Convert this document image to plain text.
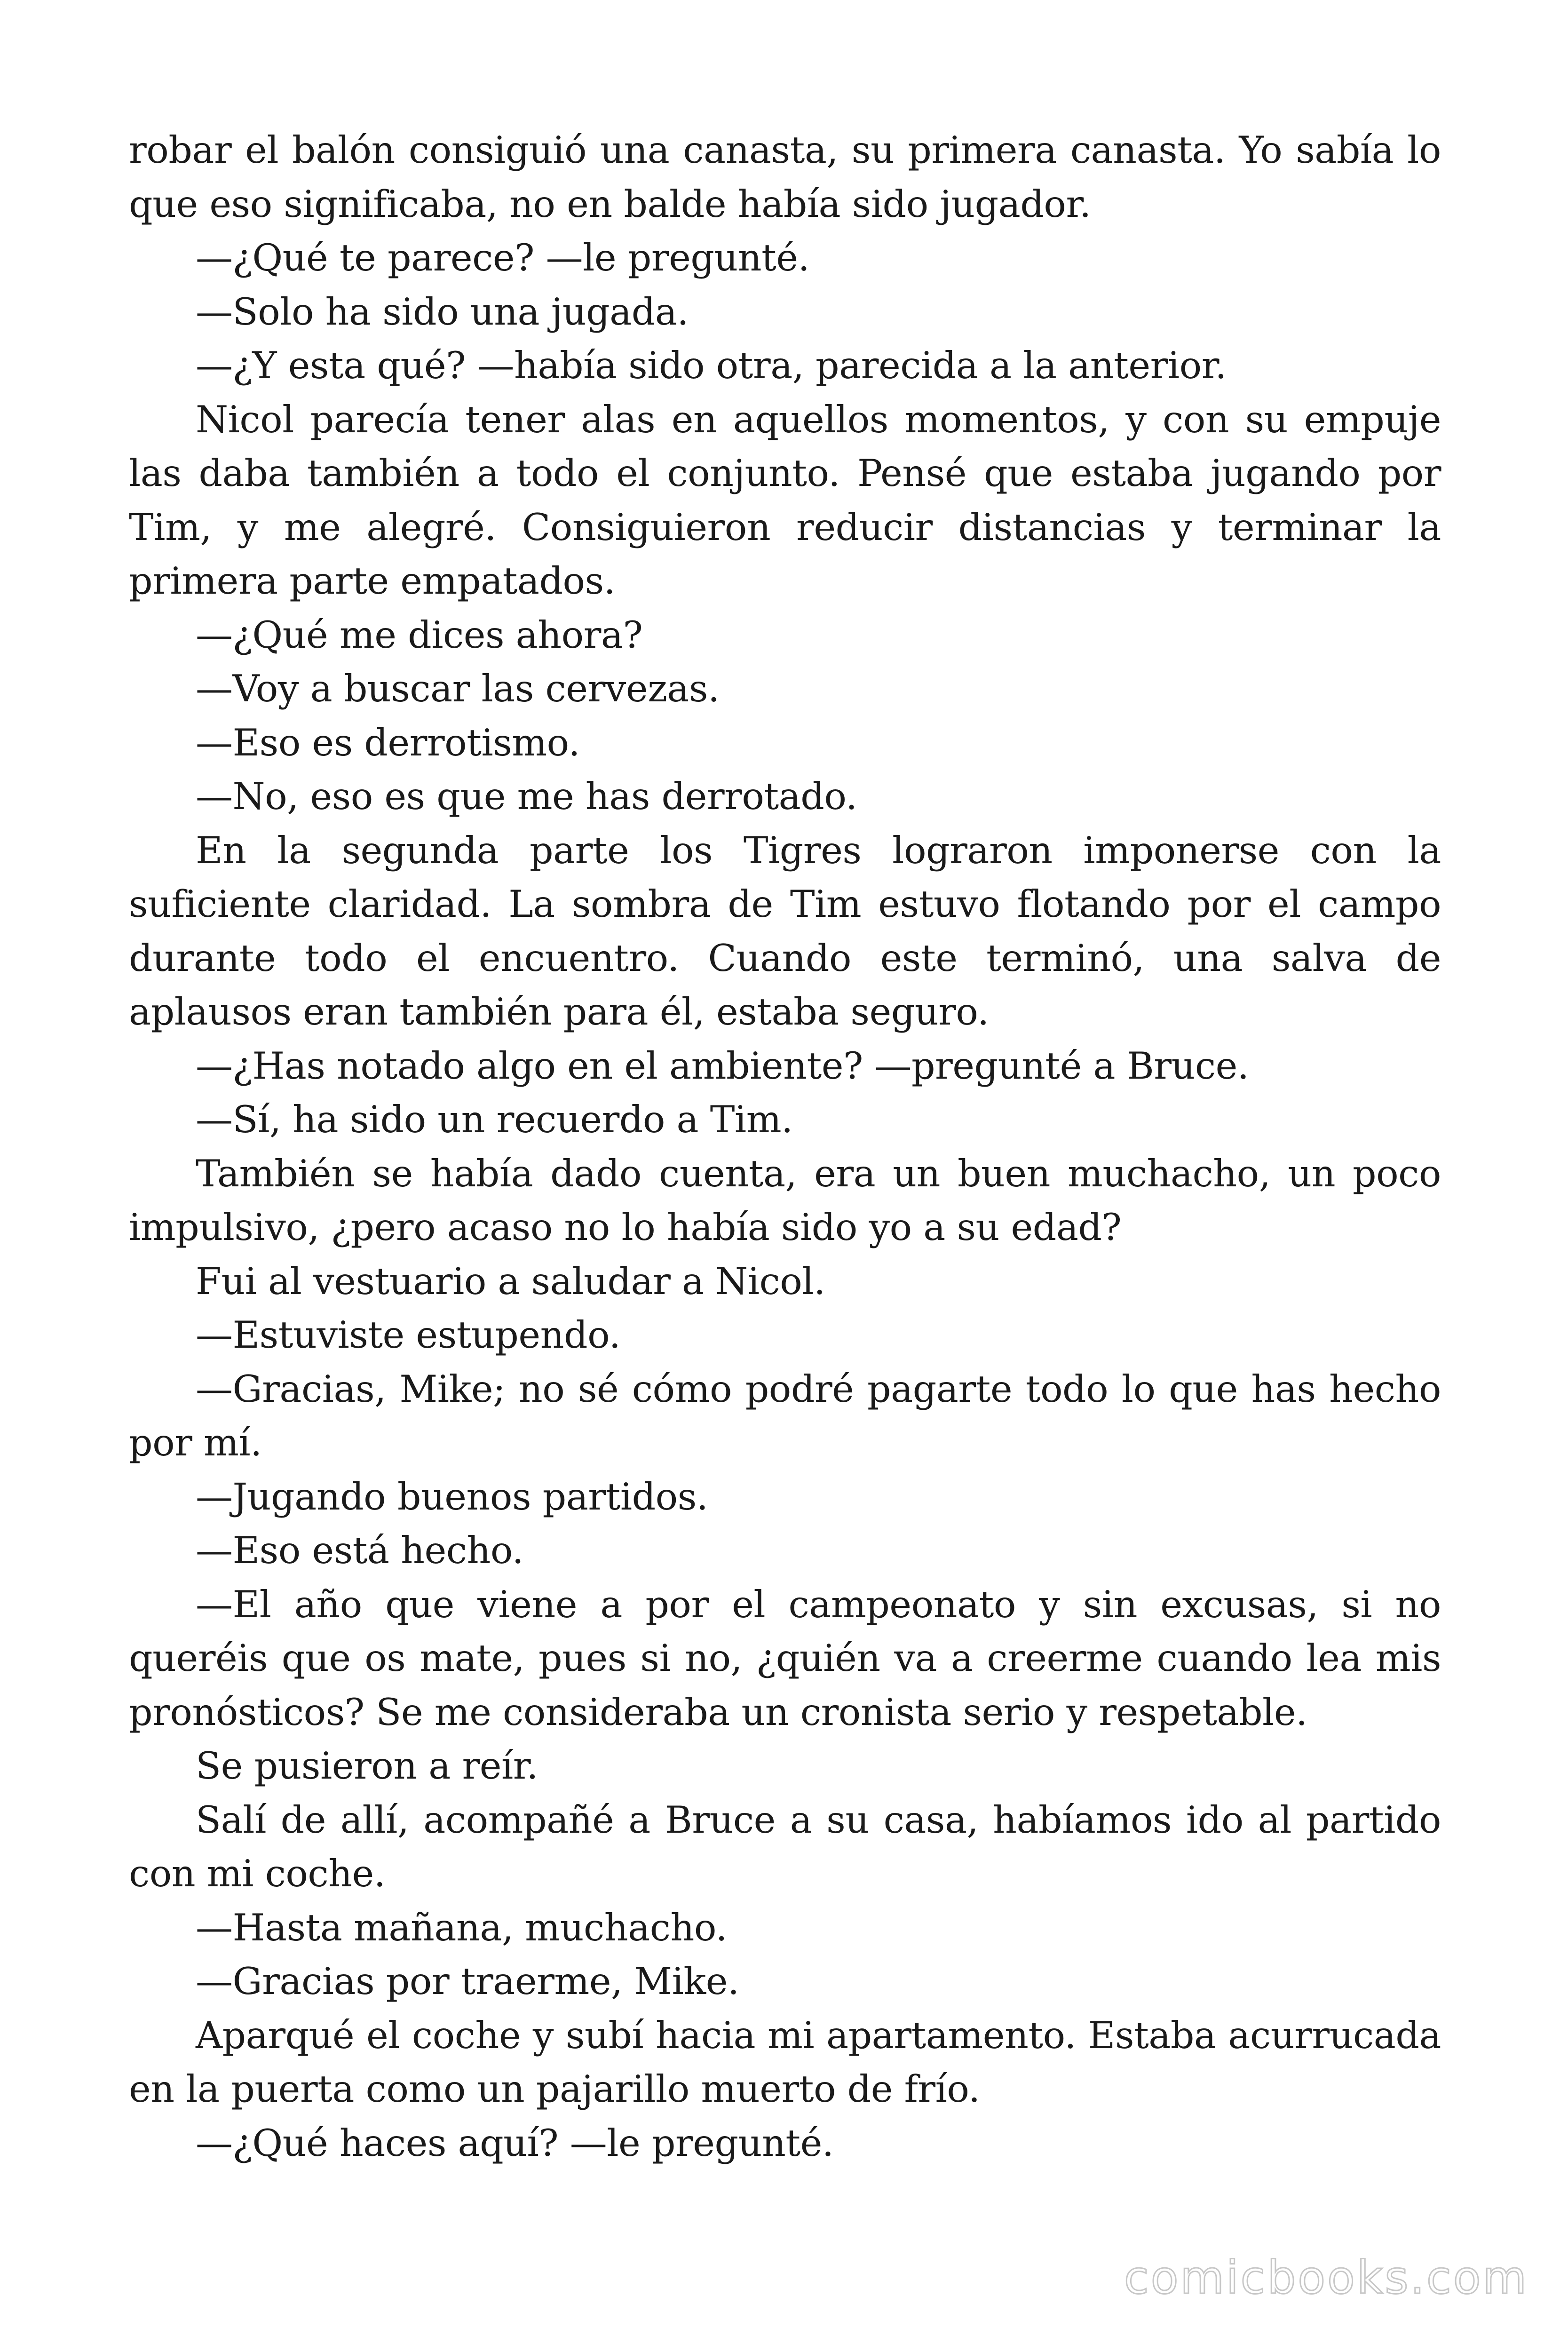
robar el balón consiguió una canasta, su primera canasta. Yo sabía lo que eso significaba, no en balde había sido jugador.

—¿Qué te parece? —le pregunté.

—Solo ha sido una jugada.

—¿Y esta qué? —había sido otra, parecida a la anterior.

Nicol parecía tener alas en aquellos momentos, y con su empuje las daba también a todo el conjunto. Pensé que estaba jugando por Tim, y me alegré. Consiguieron reducir distancias y terminar la primera parte empatados.

—¿Qué me dices ahora?

—Voy a buscar las cervezas.

—Eso es derrotismo.

—No, eso es que me has derrotado.

En la segunda parte los Tigres lograron imponerse con la suficiente claridad. La sombra de Tim estuvo flotando por el campo durante todo el encuentro. Cuando este terminó, una salva de aplausos eran también para él, estaba seguro.

—¿Has notado algo en el ambiente? —pregunté a Bruce.

—Sí, ha sido un recuerdo a Tim.

También se había dado cuenta, era un buen muchacho, un poco impulsivo, ¿pero acaso no lo había sido yo a su edad?

Fui al vestuario a saludar a Nicol.

—Estuviste estupendo.

—Gracias, Mike; no sé cómo podré pagarte todo lo que has hecho por mí.

—Jugando buenos partidos.

—Eso está hecho.

—El año que viene a por el campeonato y sin excusas, si no queréis que os mate, pues si no, ¿quién va a creerme cuando lea mis pronósticos? Se me consideraba un cronista serio y respetable.

Se pusieron a reír.

Salí de allí, acompañé a Bruce a su casa, habíamos ido al partido con mi coche.

—Hasta mañana, muchacho.

—Gracias por traerme, Mike.

Aparqué el coche y subí hacia mi apartamento. Estaba acurrucada en la puerta como un pajarillo muerto de frío.

—¿Qué haces aquí? —le pregunté.

comicbooks.com
